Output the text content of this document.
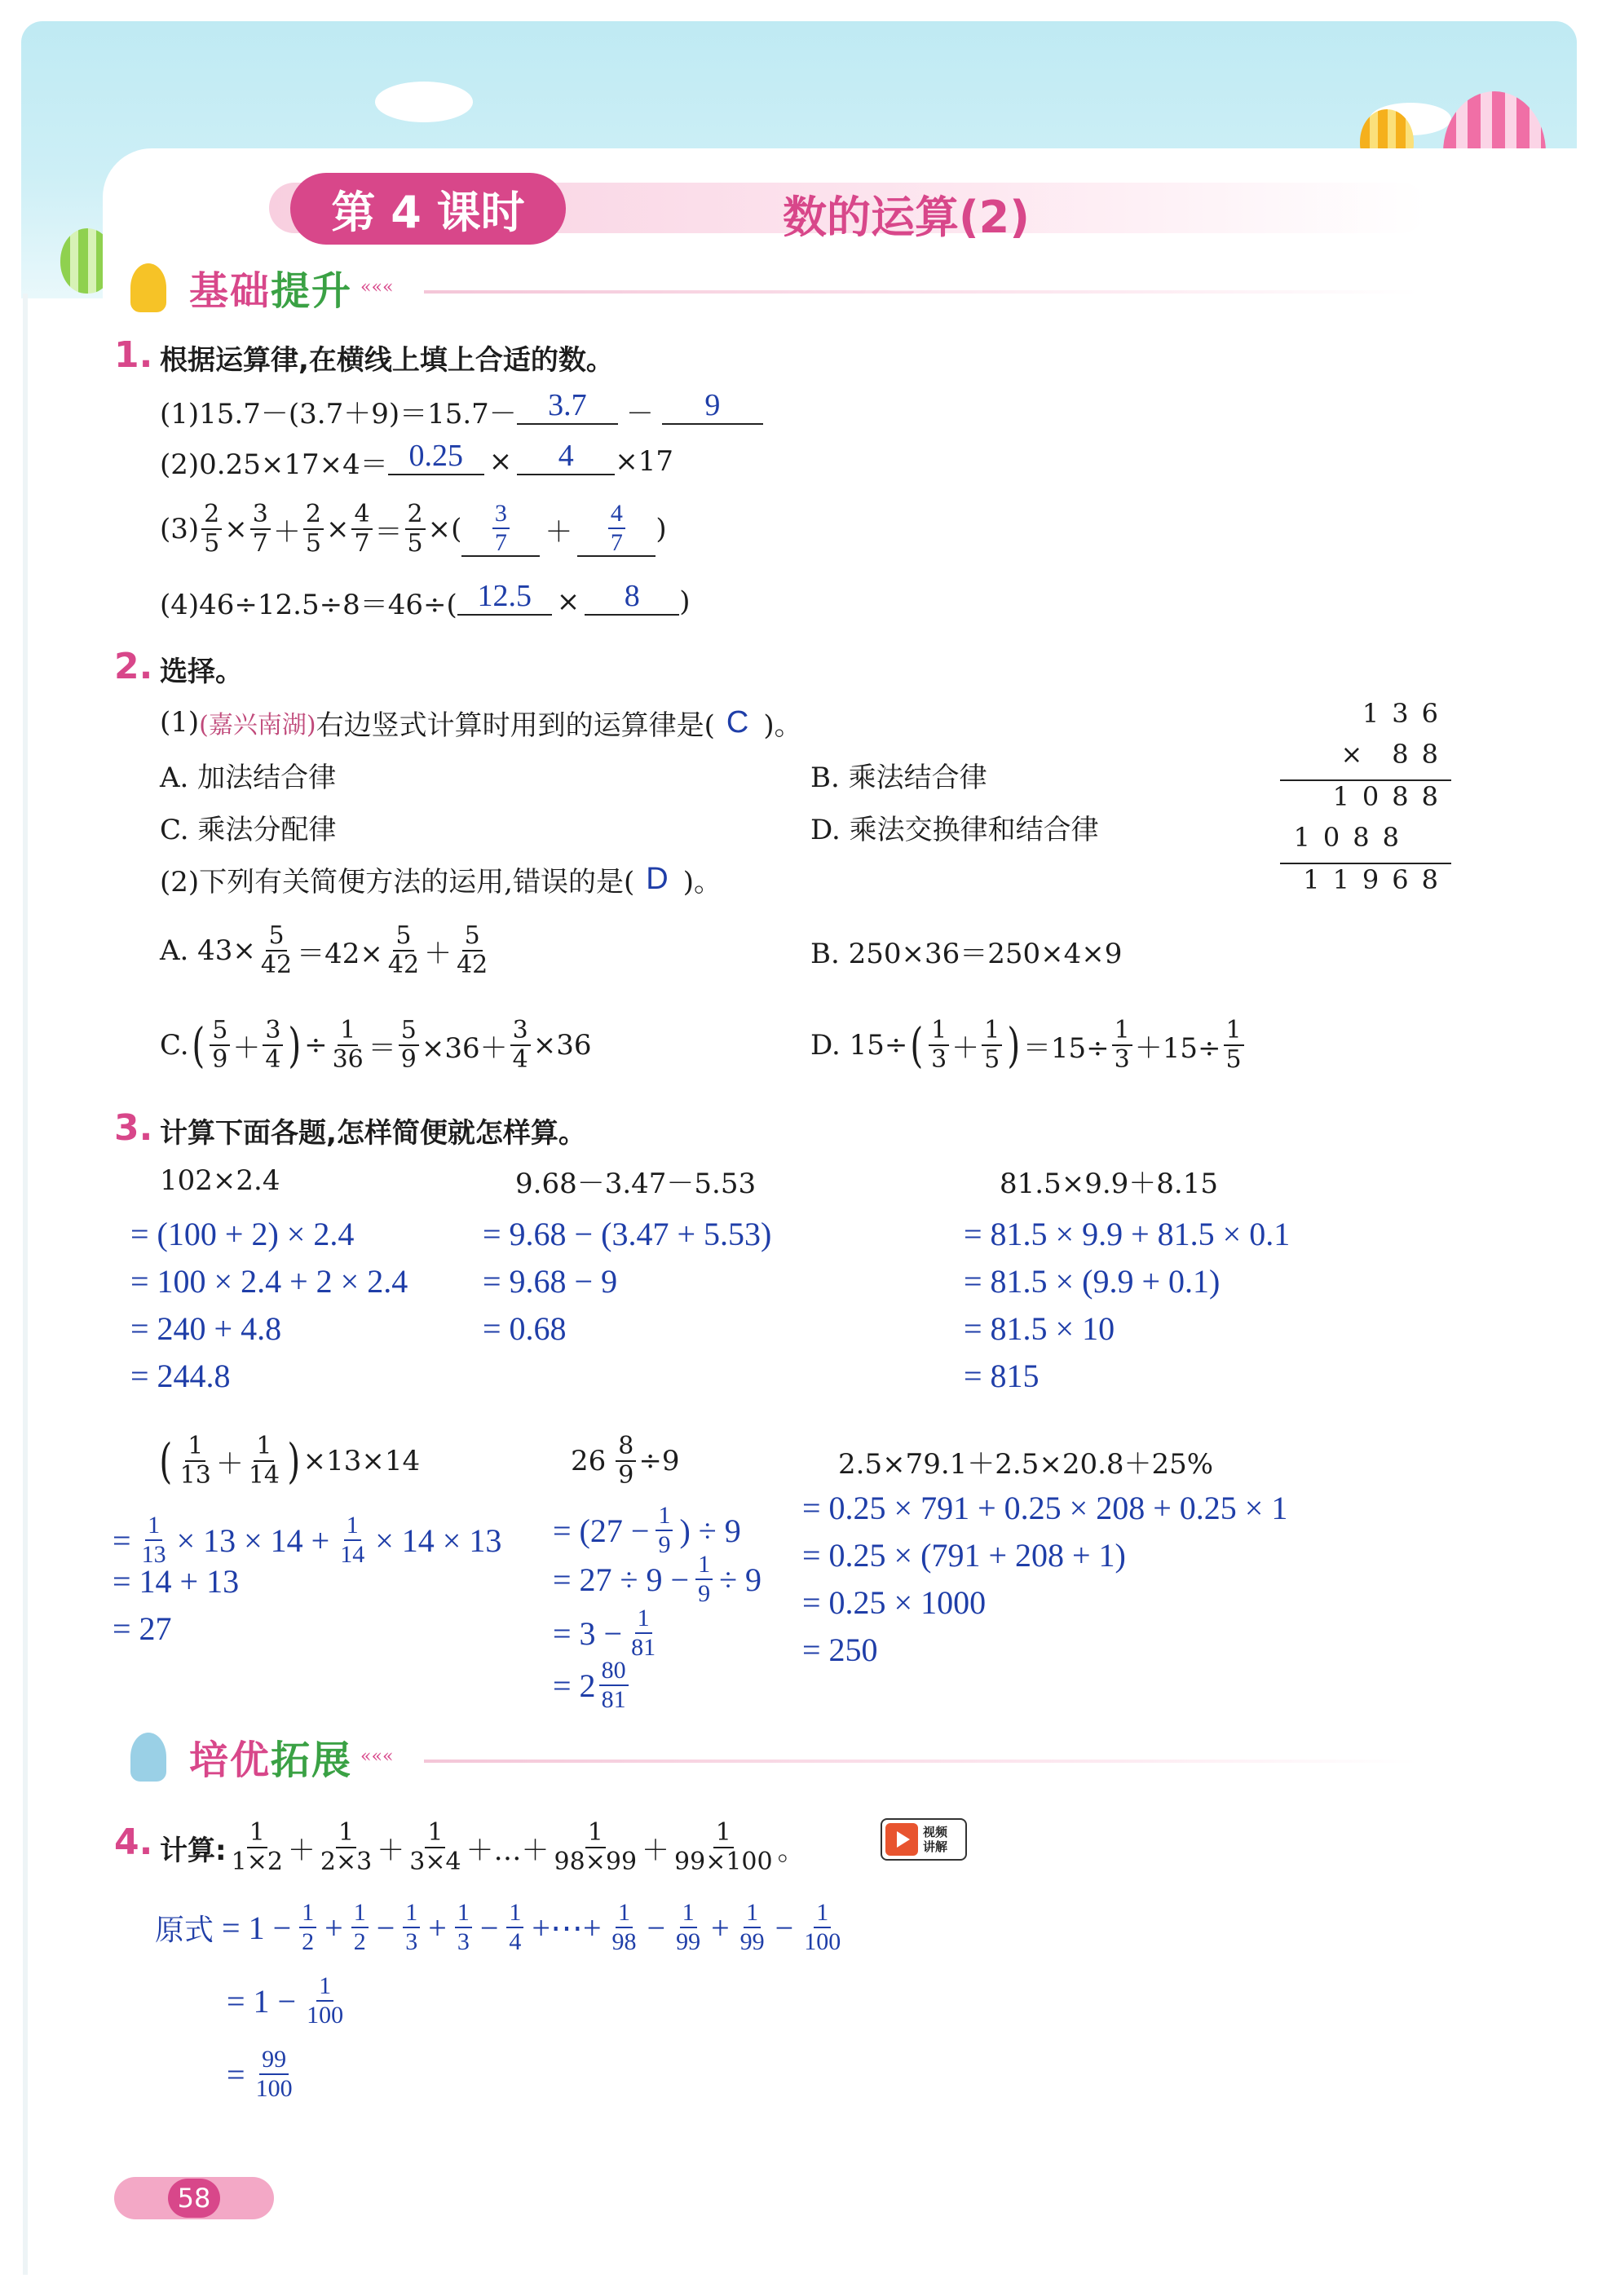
第 4 课时	数的运算(2)
基础提升 «««
1. 根据运算律,在横线上填上合适的数。
(1)15.7－(3.7＋9)＝15.7－	3.7	－	9
(2)0.25×17×4＝ 0.25 ×	4	×17
$(3) \frac{2}{5} \times \frac{3}{7} + \frac{2}{5} \times \frac{4}{7} = \frac{2}{5}$ ×( $\frac{3}{7} + \frac{4}{7}$ )
(4)46÷12.5÷8＝46÷( 12.5 ×	8	)
2. 选择。
(1) (嘉兴南湖) 右边竖式计算时用到的运算律是( C )。
A. 加法结合律	B. 乘法结合律
C. 乘法分配律	D. 乘法交换律和结合律
136
× 88
1088
1088
11968
(2)下列有关简便方法的运用,错误的是( D )。
A. $43\times \frac{5}{42} =42\times \frac{5}{42} + \frac{5}{42}$	B. 250×36＝250×4×9
C. ( $\frac{5}{9} + \frac{3}{4}$ ) ÷ $\frac{1}{36} = \frac{5}{9} \times 36+ \frac{3}{4} \times 36$	D. 15÷ ( $\frac{1}{3} + \frac{1}{5}$ ) $=15\div \frac{1}{3} +15\div \frac{1}{5}$
3. 计算下面各题,怎样简便就怎样算。
102×2.4
= (100 + 2) × 2.4
= 100 × 2.4 + 2 × 2.4
= 240 + 4.8
= 244.8
9.68－3.47－5.53
= 9.68 − (3.47 + 5.53)
= 9.68 − 9
= 0.68
81.5×9.9＋8.15
= 81.5 × 9.9 + 81.5 × 0.1
= 81.5 × (9.9 + 0.1)
= 81.5 × 10
= 815
( $\frac{1}{13} + \frac{1}{14}$ ) ×13×14
= $\frac{1}{13} \times 13 \times 14 + \frac{1}{14} \times 14 \times 13$
= 14 + 13
= 27
$26 \frac{8}{9} \div 9$
= ($27 - \frac{1}{9}$ ) ÷ 9
= $27 \div 9 - \frac{1}{9} \div 9$
= $3 - \frac{1}{81}$
= $2 \frac{80}{81}$
2.5×79.1＋2.5×20.8＋25%
= 0.25 × 791 + 0.25 × 208 + 0.25 × 1
= 0.25 × (791 + 208 + 1)
= 0.25 × 1000
= 250
培优拓展 «««
4. 计算: $\frac{1}{1\times 2} + \frac{1}{2\times 3} + \frac{1}{3\times 4}$ ＋…＋ $\frac{1}{98\times 99} + \frac{1}{99\times 100}$ 。
视频
讲解
原式 = $1 - \frac{1}{2} + \frac{1}{2} - \frac{1}{3} + \frac{1}{3} - \frac{1}{4}$ +⋯+ $\frac{1}{98} - \frac{1}{99} + \frac{1}{99} - \frac{1}{100}$
= $1 - \frac{1}{100}$
= $\frac{99}{100}$
58
